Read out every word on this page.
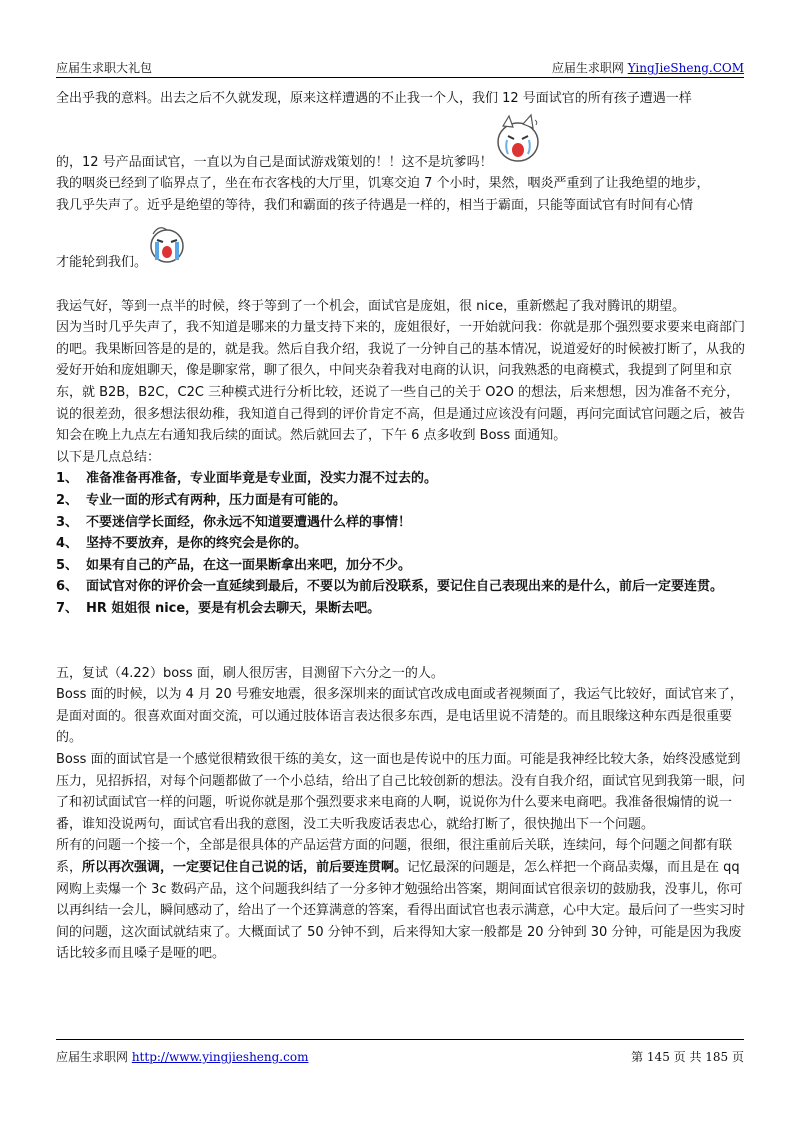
应届生求职大礼包	应届生求职网 YingJieSheng.COM

全出乎我的意料。出去之后不久就发现，原来这样遭遇的不止我一个人，我们 12 号面试官的所有孩子遭遇一样

的，12 号产品面试官，一直以为自己是面试游戏策划的！！这不是坑爹吗！

我的咽炎已经到了临界点了，坐在布衣客栈的大厅里，饥寒交迫 7 个小时，果然，咽炎严重到了让我绝望的地步，

我几乎失声了。近乎是绝望的等待，我们和霸面的孩子待遇是一样的，相当于霸面，只能等面试官有时间有心情

才能轮到我们。

我运气好，等到一点半的时候，终于等到了一个机会，面试官是庞姐，很 nice，重新燃起了我对腾讯的期望。

因为当时几乎失声了，我不知道是哪来的力量支持下来的，庞姐很好，一开始就问我：你就是那个强烈要求要来电商部门的吧。我果断回答是的是的，就是我。然后自我介绍，我说了一分钟自己的基本情况，说道爱好的时候被打断了，从我的爱好开始和庞姐聊天，像是聊家常，聊了很久，中间夹杂着我对电商的认识，问我熟悉的电商模式，我提到了阿里和京东，就 B2B，B2C，C2C 三种模式进行分析比较，还说了一些自己的关于 O2O 的想法，后来想想，因为准备不充分，说的很差劲，很多想法很幼稚，我知道自己得到的评价肯定不高，但是通过应该没有问题，再问完面试官问题之后，被告知会在晚上九点左右通知我后续的面试。然后就回去了，下午 6 点多收到 Boss 面通知。

以下是几点总结：

1、 准备准备再准备，专业面毕竟是专业面，没实力混不过去的。

2、 专业一面的形式有两种，压力面是有可能的。

3、 不要迷信学长面经，你永远不知道要遭遇什么样的事情！

4、 坚持不要放弃，是你的终究会是你的。

5、 如果有自己的产品，在这一面果断拿出来吧，加分不少。

6、 面试官对你的评价会一直延续到最后，不要以为前后没联系，要记住自己表现出来的是什么，前后一定要连贯。

7、 HR 姐姐很 nice，要是有机会去聊天，果断去吧。

五，复试（4.22）boss 面，刷人很厉害，目测留下六分之一的人。

Boss 面的时候，以为 4 月 20 号雅安地震，很多深圳来的面试官改成电面或者视频面了，我运气比较好，面试官来了，是面对面的。很喜欢面对面交流，可以通过肢体语言表达很多东西，是电话里说不清楚的。而且眼缘这种东西是很重要的。

Boss 面的面试官是一个感觉很精致很干练的美女，这一面也是传说中的压力面。可能是我神经比较大条，始终没感觉到压力，见招拆招，对每个问题都做了一个小总结，给出了自己比较创新的想法。没有自我介绍，面试官见到我第一眼，问了和初试面试官一样的问题，听说你就是那个强烈要求来电商的人啊，说说你为什么要来电商吧。我准备很煽情的说一番，谁知没说两句，面试官看出我的意图，没工夫听我废话表忠心，就给打断了，很快抛出下一个问题。

所有的问题一个接一个，全部是很具体的产品运营方面的问题，很细，很注重前后关联，连续问，每个问题之间都有联系，所以再次强调，一定要记住自己说的话，前后要连贯啊。记忆最深的问题是，怎么样把一个商品卖爆，而且是在 qq 网购上卖爆一个 3c 数码产品，这个问题我纠结了一分多钟才勉强给出答案，期间面试官很亲切的鼓励我，没事儿，你可以再纠结一会儿，瞬间感动了，给出了一个还算满意的答案，看得出面试官也表示满意，心中大定。最后问了一些实习时间的问题，这次面试就结束了。大概面试了 50 分钟不到，后来得知大家一般都是 20 分钟到 30 分钟，可能是因为我废话比较多而且嗓子是哑的吧。

应届生求职网 http://www.yingjiesheng.com	第 145 页 共 185 页
